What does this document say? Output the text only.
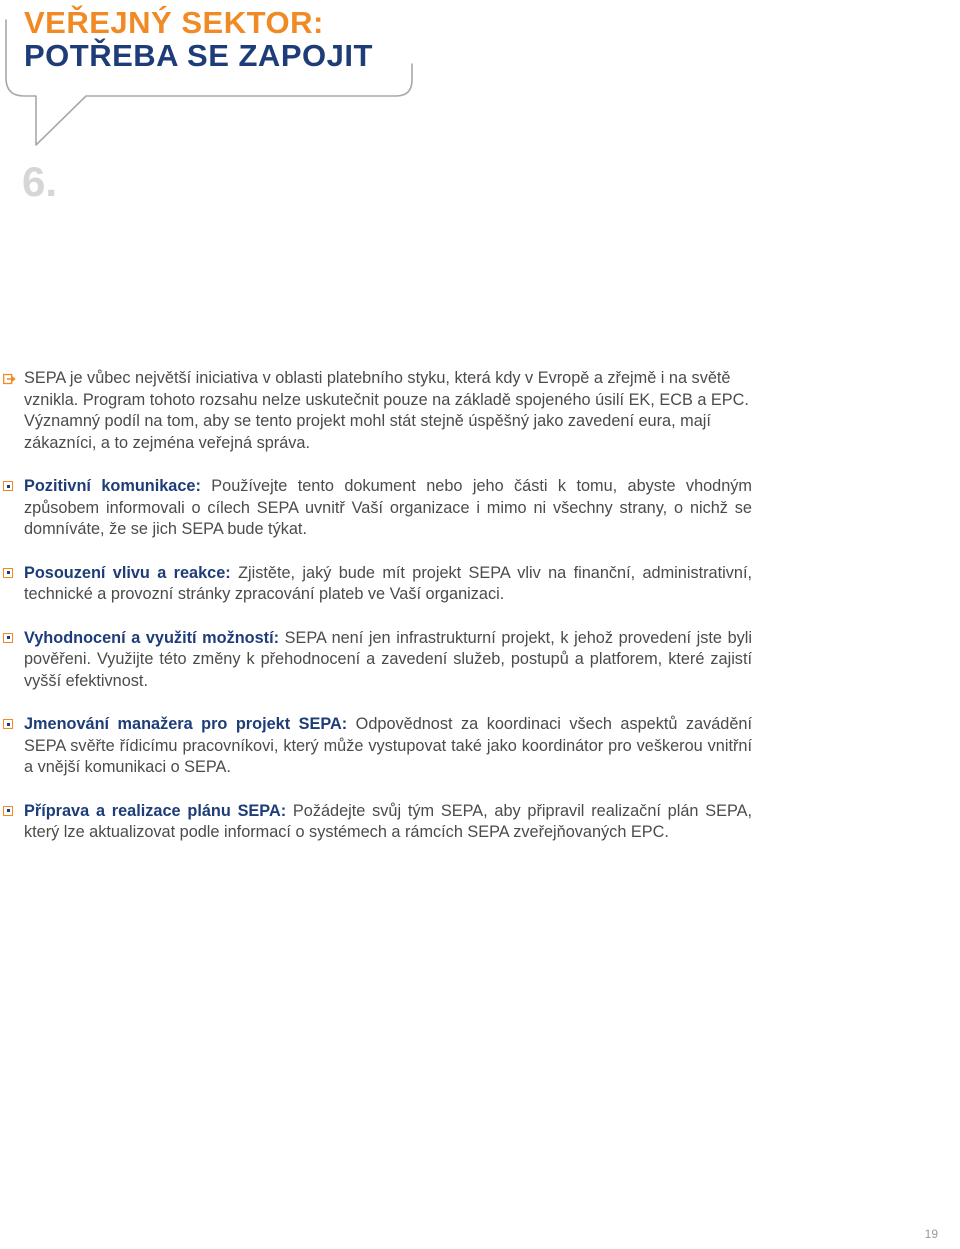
VEŘEJNÝ SEKTOR:
POTŘEBA SE ZAPOJIT
6.

SEPA je vůbec největší iniciativa v oblasti platebního styku, která kdy v Evropě a zřejmě i na světě vznikla. Program tohoto rozsahu nelze uskutečnit pouze na základě spojeného úsilí EK, ECB a EPC. Významný podíl na tom, aby se tento projekt mohl stát stejně úspěšný jako zavedení eura, mají zákazníci, a to zejména veřejná správa.

Pozitivní komunikace: Používejte tento dokument nebo jeho části k tomu, abyste vhodným způsobem informovali o cílech SEPA uvnitř Vaší organizace i mimo ni všechny strany, o nichž se domníváte, že se jich SEPA bude týkat.

Posouzení vlivu a reakce: Zjistěte, jaký bude mít projekt SEPA vliv na finanční, administrativní, technické a provozní stránky zpracování plateb ve Vaší organizaci.

Vyhodnocení a využití možností: SEPA není jen infrastrukturní projekt, k jehož provedení jste byli pověřeni. Využijte této změny k přehodnocení a zavedení služeb, postupů a platforem, které zajistí vyšší efektivnost.

Jmenování manažera pro projekt SEPA: Odpovědnost za koordinaci všech aspektů zavádění SEPA svěřte řídicímu pracovníkovi, který může vystupovat také jako koordinátor pro veškerou vnitřní a vnější komunikaci o SEPA.

Příprava a realizace plánu SEPA: Požádejte svůj tým SEPA, aby připravil realizační plán SEPA, který lze aktualizovat podle informací o systémech a rámcích SEPA zveřejňovaných EPC.

19
